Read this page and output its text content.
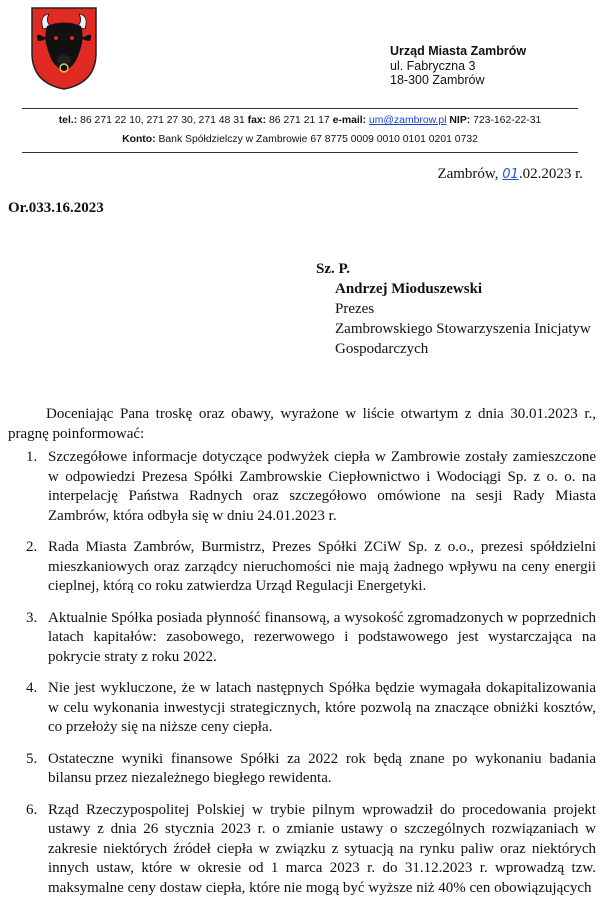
Urząd Miasta Zambrów
ul. Fabryczna 3
18-300 Zambrów
tel.: 86 271 22 10, 271 27 30, 271 48 31 fax: 86 271 21 17 e-mail: um@zambrow.pl NIP: 723-162-22-31
Konto: Bank Spółdzielczy w Zambrowie 67 8775 0009 0010 0101 0201 0732
Zambrów, 01.02.2023 r.
Or.033.16.2023
Sz. P.
Andrzej Mioduszewski
Prezes
Zambrowskiego Stowarzyszenia Inicjatyw
Gospodarczych
Doceniając Pana troskę oraz obawy, wyrażone w liście otwartym z dnia 30.01.2023 r., pragnę poinformować:
1. Szczegółowe informacje dotyczące podwyżek ciepła w Zambrowie zostały zamieszczone w odpowiedzi Prezesa Spółki Zambrowskie Ciepłownictwo i Wodociągi Sp. z o. o. na interpelację Państwa Radnych oraz szczegółowo omówione na sesji Rady Miasta Zambrów, która odbyła się w dniu 24.01.2023 r.
2. Rada Miasta Zambrów, Burmistrz, Prezes Spółki ZCiW Sp. z o.o., prezesi spółdzielni mieszkaniowych oraz zarządcy nieruchomości nie mają żadnego wpływu na ceny energii cieplnej, którą co roku zatwierdza Urząd Regulacji Energetyki.
3. Aktualnie Spółka posiada płynność finansową, a wysokość zgromadzonych w poprzednich latach kapitałów: zasobowego, rezerwowego i podstawowego jest wystarczająca na pokrycie straty z roku 2022.
4. Nie jest wykluczone, że w latach następnych Spółka będzie wymagała dokapitalizowania w celu wykonania inwestycji strategicznych, które pozwolą na znaczące obniżki kosztów, co przełoży się na niższe ceny ciepła.
5. Ostateczne wyniki finansowe Spółki za 2022 rok będą znane po wykonaniu badania bilansu przez niezależnego biegłego rewidenta.
6. Rząd Rzeczypospolitej Polskiej w trybie pilnym wprowadził do procedowania projekt ustawy z dnia 26 stycznia 2023 r. o zmianie ustawy o szczególnych rozwiązaniach w zakresie niektórych źródeł ciepła w związku z sytuacją na rynku paliw oraz niektórych innych ustaw, które w okresie od 1 marca 2023 r. do 31.12.2023 r. wprowadzą tzw. maksymalne ceny dostaw ciepła, które nie mogą być wyższe niż 40% cen obowiązujących
